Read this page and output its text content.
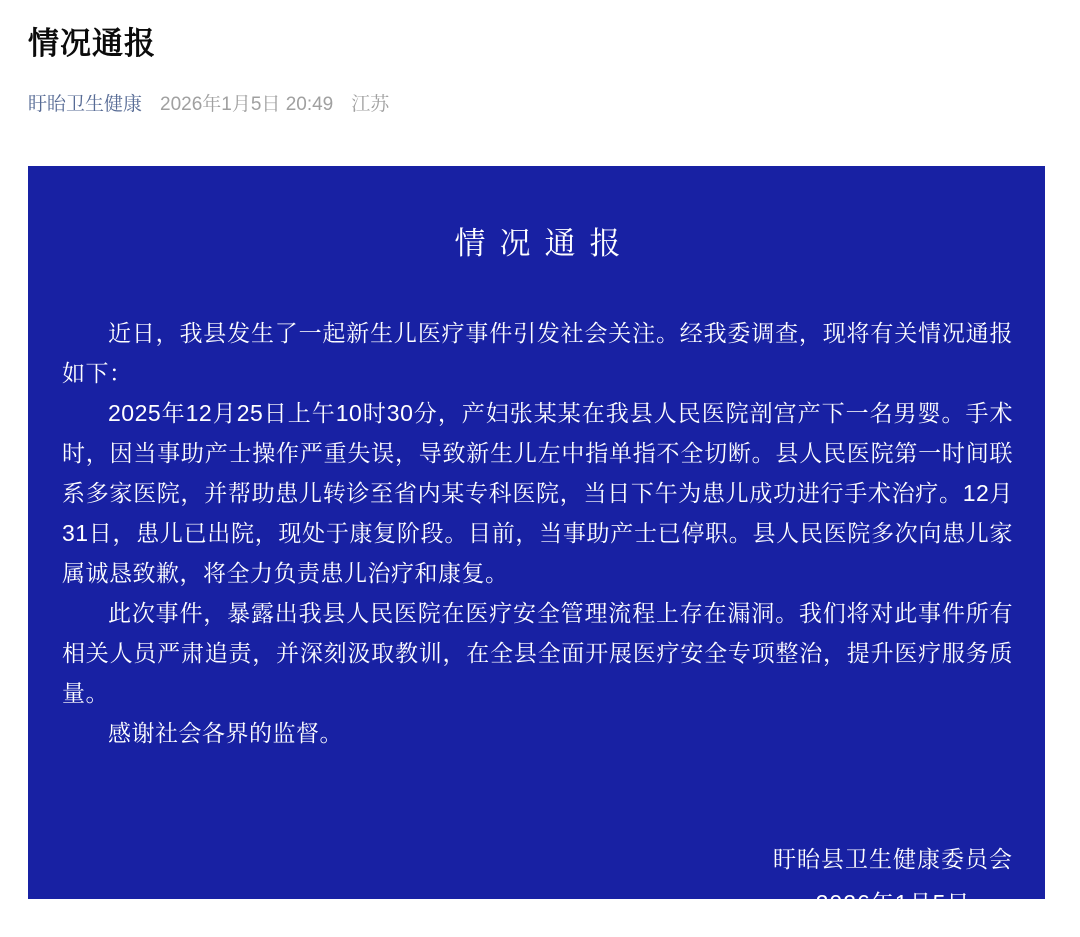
情况通报
盱眙卫生健康 2026年1月5日 20:49 江苏
情况通报

近日，我县发生了一起新生儿医疗事件引发社会关注。经我委调查，现将有关情况通报如下：

2025年12月25日上午10时30分，产妇张某某在我县人民医院剖宫产下一名男婴。手术时，因当事助产士操作严重失误，导致新生儿左中指单指不全切断。县人民医院第一时间联系多家医院，并帮助患儿转诊至省内某专科医院，当日下午为患儿成功进行手术治疗。12月31日，患儿已出院，现处于康复阶段。目前，当事助产士已停职。县人民医院多次向患儿家属诚恳致歉，将全力负责患儿治疗和康复。

此次事件，暴露出我县人民医院在医疗安全管理流程上存在漏洞。我们将对此事件所有相关人员严肃追责，并深刻汲取教训，在全县全面开展医疗安全专项整治，提升医疗服务质量。

感谢社会各界的监督。

盱眙县卫生健康委员会
2026年1月5日
